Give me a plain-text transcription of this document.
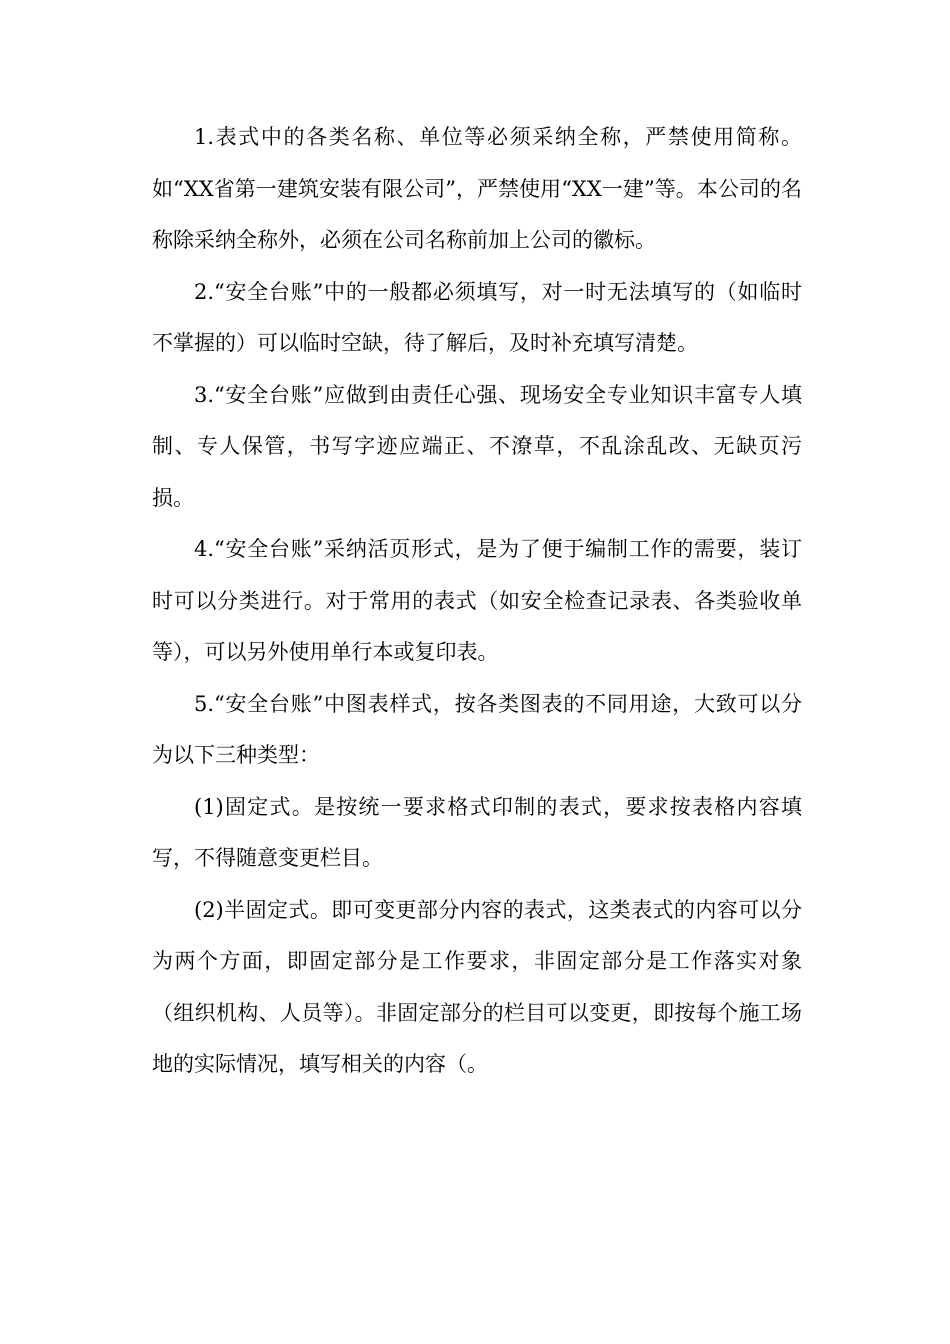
1.表式中的各类名称、单位等必须采纳全称，严禁使用简称。如“XX省第一建筑安装有限公司”，严禁使用“XX一建”等。本公司的名称除采纳全称外，必须在公司名称前加上公司的徽标。

2.“安全台账”中的一般都必须填写，对一时无法填写的（如临时不掌握的）可以临时空缺，待了解后，及时补充填写清楚。

3.“安全台账”应做到由责任心强、现场安全专业知识丰富专人填制、专人保管，书写字迹应端正、不潦草，不乱涂乱改、无缺页污损。

4.“安全台账”采纳活页形式，是为了便于编制工作的需要，装订时可以分类进行。对于常用的表式（如安全检查记录表、各类验收单等），可以另外使用单行本或复印表。

5.“安全台账”中图表样式，按各类图表的不同用途，大致可以分为以下三种类型：

(1)固定式。是按统一要求格式印制的表式，要求按表格内容填写，不得随意变更栏目。

(2)半固定式。即可变更部分内容的表式，这类表式的内容可以分为两个方面，即固定部分是工作要求，非固定部分是工作落实对象（组织机构、人员等）。非固定部分的栏目可以变更，即按每个施工场地的实际情况，填写相关的内容（。
